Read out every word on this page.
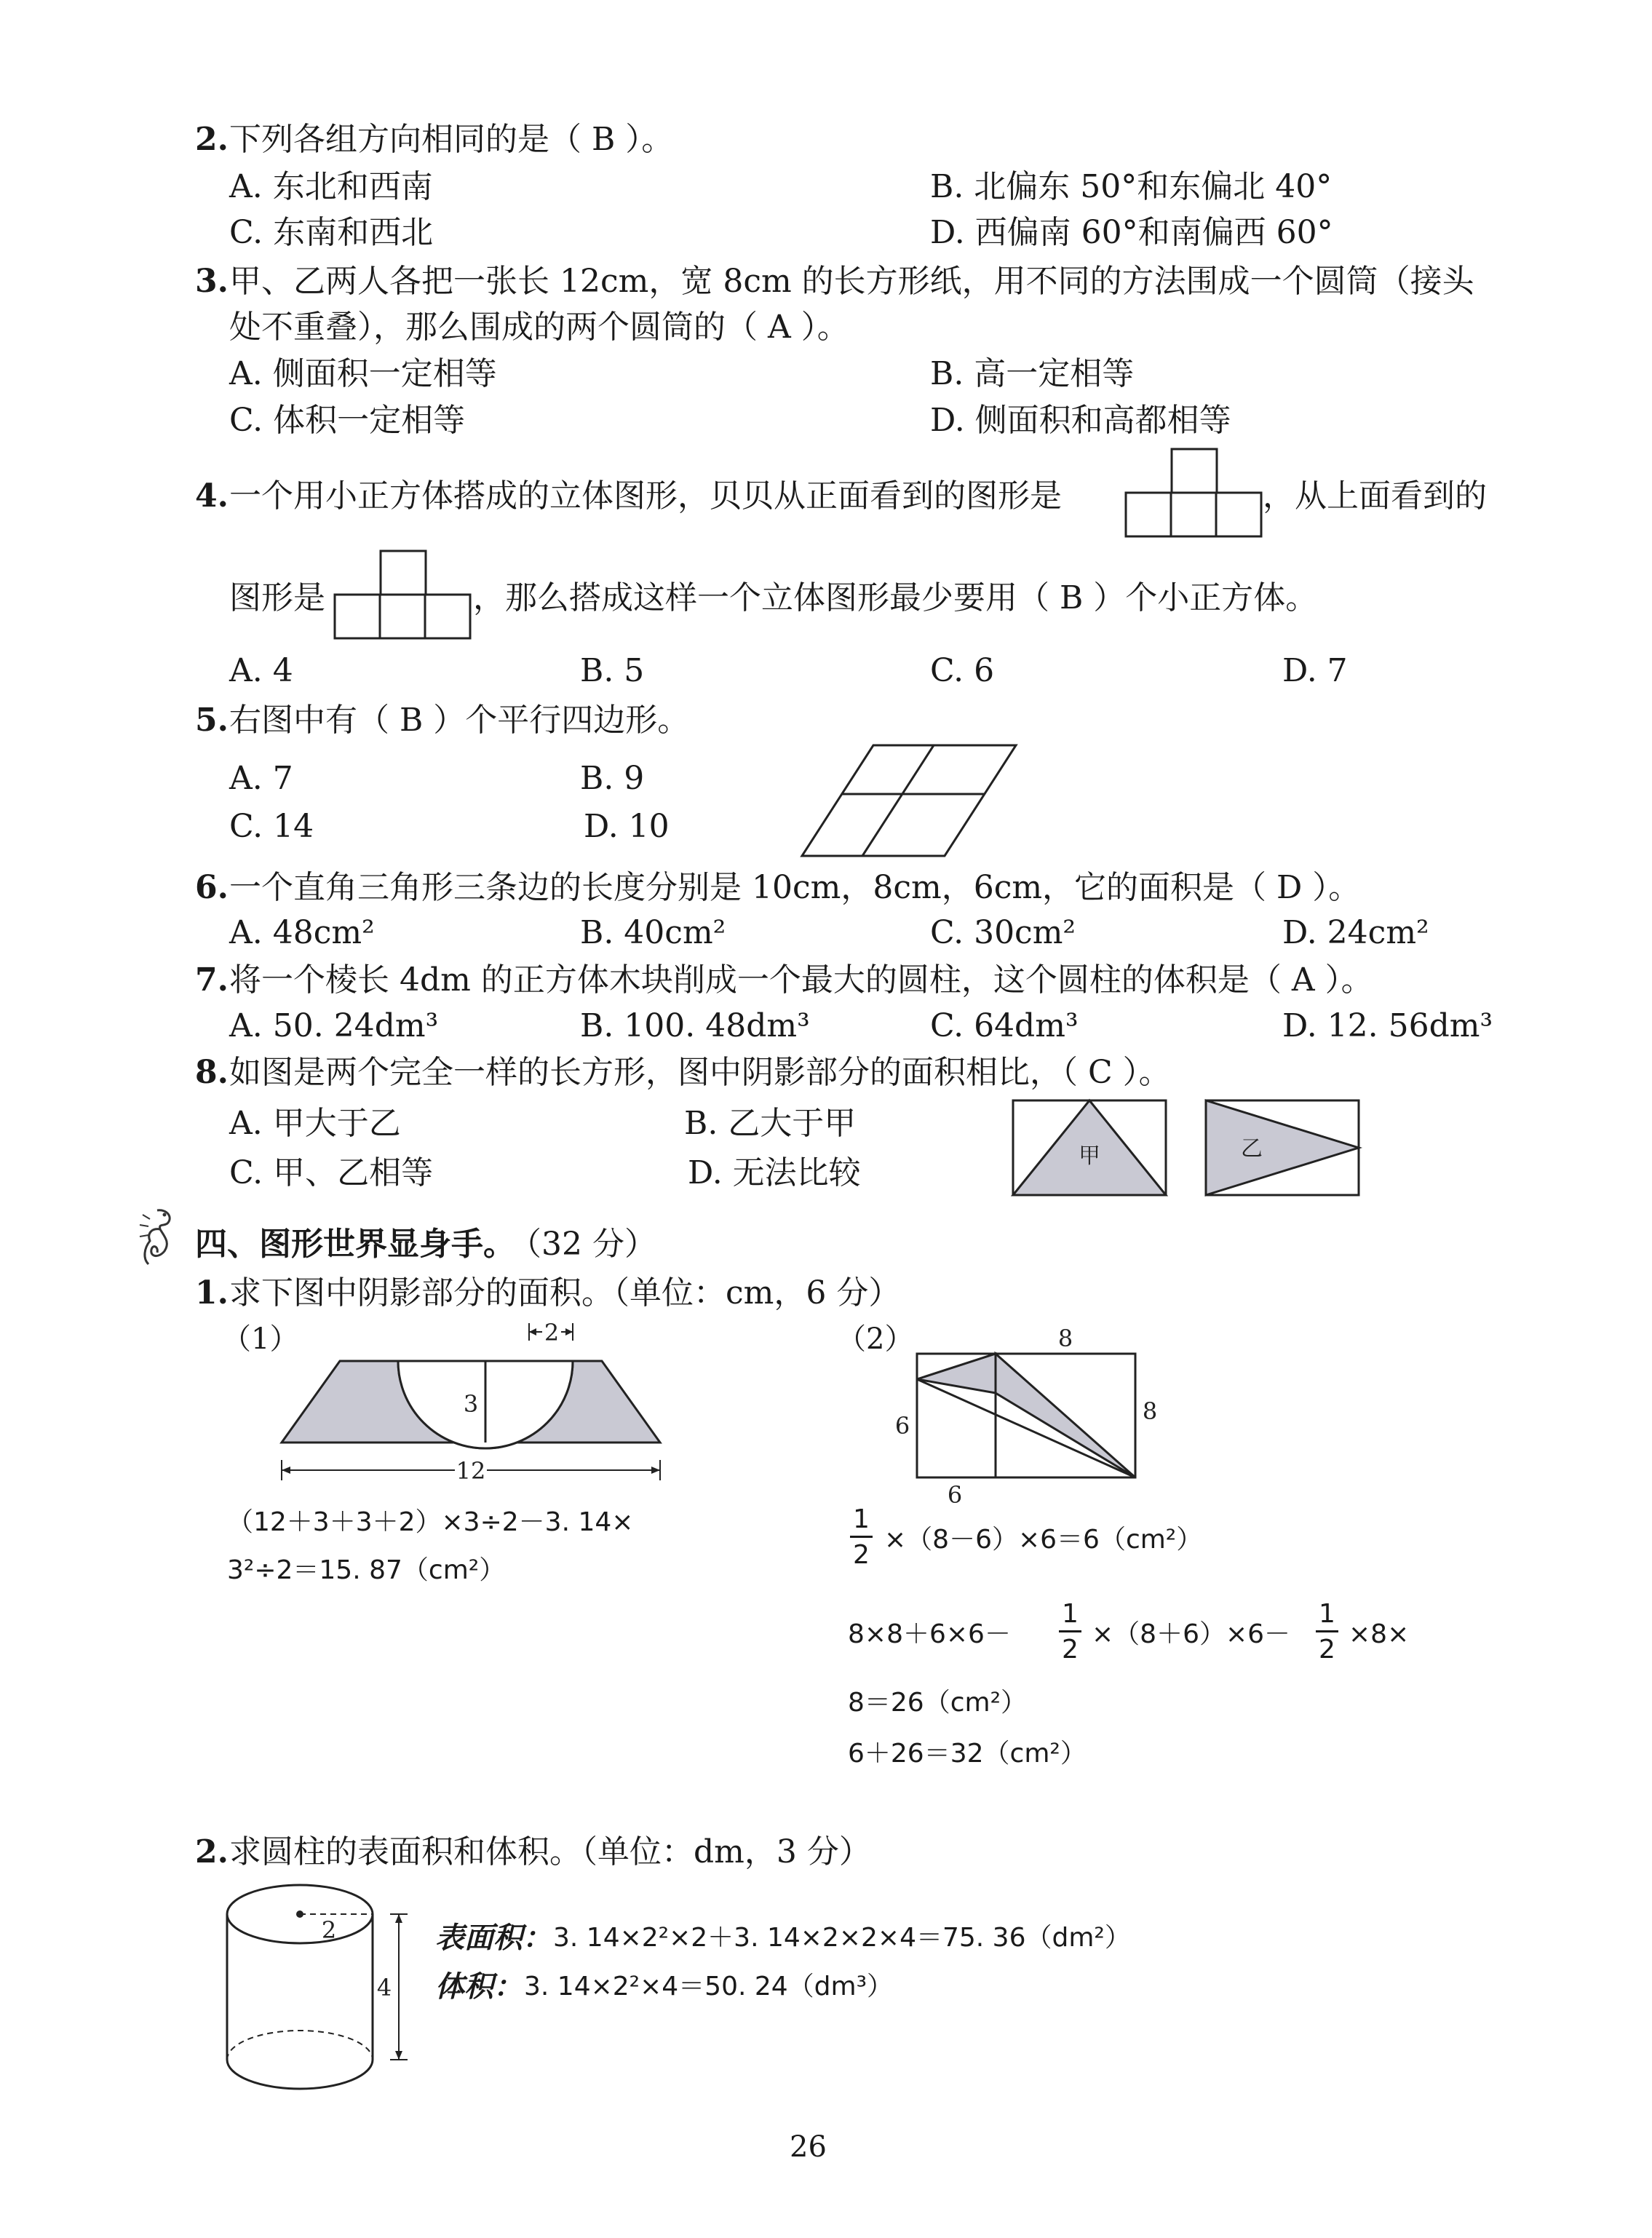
2. 下列各组方向相同的是（ B ）。
A. 东北和西南	B. 北偏东 50°和东偏北 40°
C. 东南和西北	D. 西偏南 60°和南偏西 60°
3. 甲、乙两人各把一张长 12cm，宽 8cm 的长方形纸，用不同的方法围成一个圆筒（接头
处不重叠），那么围成的两个圆筒的（ A ）。
A. 侧面积一定相等	B. 高一定相等
C. 体积一定相等	D. 侧面积和高都相等
4. 一个用小正方体搭成的立体图形，贝贝从正面看到的图形是	，从上面看到的
图形是	，那么搭成这样一个立体图形最少要用（ B ）个小正方体。
A. 4	B. 5	C. 6	D. 7
5. 右图中有（ B ）个平行四边形。
A. 7	B. 9
C. 14	D. 10
6. 一个直角三角形三条边的长度分别是 10cm，8cm，6cm，它的面积是（ D ）。
A. 48cm²	B. 40cm²	C. 30cm²	D. 24cm²
7. 将一个棱长 4dm 的正方体木块削成一个最大的圆柱，这个圆柱的体积是（ A ）。
A. 50. 24dm³	B. 100. 48dm³	C. 64dm³	D. 12. 56dm³
8. 如图是两个完全一样的长方形，图中阴影部分的面积相比，（ C ）。
A. 甲大于乙	B. 乙大于甲
C. 甲、乙相等	D. 无法比较	甲	乙
四、图形世界显身手。
（32 分）
1. 求下图中阴影部分的面积。（单位：cm，6 分）
（1）	2
3
12
（2）	8
8
6
6
（12＋3＋3＋2）×3÷2－3. 14×
3²÷2＝15. 87（cm²）
$\frac{1}{2} \times(8-6)\times 6=6(cm^2)$
$8\times 8+6\times 6- \frac{1}{2} \times(8+6)\times 6- \frac{1}{2} \times 8\times$
8＝26（cm²）
6＋26＝32（cm²）
2. 求圆柱的表面积和体积。（单位：dm，3 分）
2
4
表面积： 3. 14×2²×2＋3. 14×2×2×4＝75. 36（dm²）
体积： 3. 14×2²×4＝50. 24（dm³）
26
